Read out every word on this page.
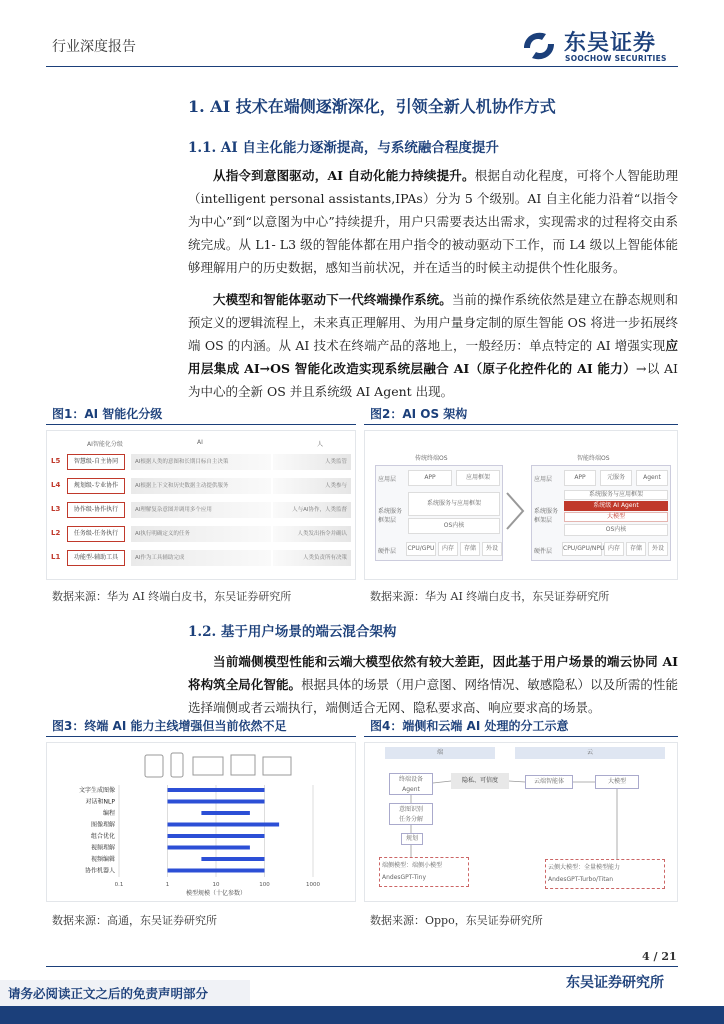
行业深度报告	东吴证券
SOOCHOW SECURITIES
1. AI 技术在端侧逐渐深化，引领全新人机协作方式
1.1. AI 自主化能力逐渐提高，与系统融合程度提升
从指令到意图驱动，AI 自动化能力持续提升。根据自动化程度，可将个人智能助理（intelligent personal assistants,IPAs）分为 5 个级别。AI 自主化能力沿着“以指令为中心”到“以意图为中心”持续提升，用户只需要表达出需求，实现需求的过程将交由系统完成。从 L1- L3 级的智能体都在用户指令的被动驱动下工作，而 L4 级以上智能体能够理解用户的历史数据，感知当前状况，并在适当的时候主动提供个性化服务。
大模型和智能体驱动下一代终端操作系统。当前的操作系统依然是建立在静态规则和预定义的逻辑流程上，未来真正理解用、为用户量身定制的原生智能 OS 将进一步拓展终端 OS 的内涵。从 AI 技术在终端产品的落地上，一般经历：单点特定的 AI 增强实现应用层集成 AI→OS 智能化改造实现系统层融合 AI（原子化控件化的 AI 能力）→以 AI 为中心的全新 OS 并且系统级 AI Agent 出现。
图1：AI 智能化分级
AI智能化分级	AI	人
L5	智慧级-自主协同	AI根据人类的意图和长期目标自主决策	人类监管
L4	规划级-专业协作	AI根据上下文和历史数据主动提供服务	人类参与
L3	协作级-协作执行	AI理解复杂意图并调用多个应用	人与AI协作，人类监督
L2	任务级-任务执行	AI执行明确定义的任务	人类发出指令并确认
L1	功能型-辅助工具	AI作为工具辅助完成	人类负责所有决策
数据来源：华为 AI 终端白皮书，东吴证券研究所
图2：AI OS 架构
传统终端OS	智能终端OS
应用层	APP	应用框架
系统服务
框架层
系统服务与应用框架
OS内核
硬件层 CPU/GPU	内存	存储	外设
应用层	APP	元服务	Agent
系统服务
框架层
系统服务与应用框架
系统级 AI Agent
大模型
OS内核
硬件层 CPU/GPU/NPU 内存	存储	外设
数据来源：华为 AI 终端白皮书，东吴证券研究所
1.2. 基于用户场景的端云混合架构
当前端侧模型性能和云端大模型依然有较大差距，因此基于用户场景的端云协同 AI 将构筑全局化智能。根据具体的场景（用户意图、网络情况、敏感隐私）以及所需的性能选择端侧或者云端执行，端侧适合无网、隐私要求高、响应要求高的场景。
图3：终端 AI 能力主线增强但当前依然不足
0.1	1	10	100	1000
文字生成图像
对话和NLP
编程
图像理解
组合优化
视频理解
视频编辑
协作机器人
模型规模（十亿参数）
数据来源：高通，东吴证券研究所
图4：端侧和云端 AI 处理的分工示意
端	云
终端设备
Agent
隐私、可信度	云端智能体	大模型
意图识别
任务分解
规划
端侧模型：端侧小模型
AndesGPT-Tiny
云侧大模型：全量模型能力
AndesGPT-Turbo/Titan
数据来源：Oppo，东吴证券研究所
4 / 21
东吴证券研究所
请务必阅读正文之后的免责声明部分
